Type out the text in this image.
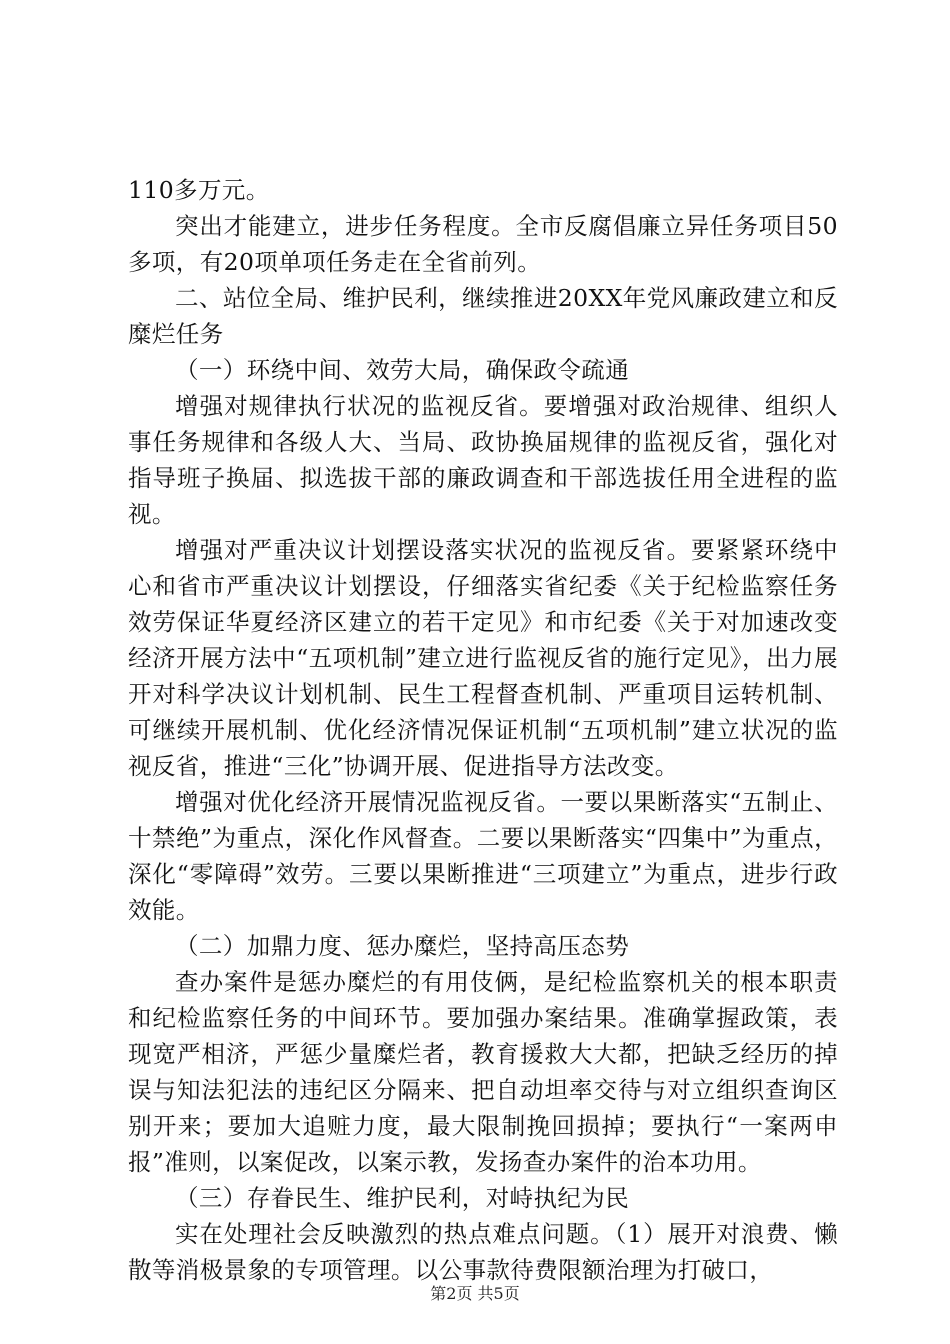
110多万元。

突出才能建立，进步任务程度。全市反腐倡廉立异任务项目50多项，有20项单项任务走在全省前列。

二、站位全局、维护民利，继续推进20XX年党风廉政建立和反糜烂任务

（一）环绕中间、效劳大局，确保政令疏通

增强对规律执行状况的监视反省。要增强对政治规律、组织人事任务规律和各级人大、当局、政协换届规律的监视反省，强化对指导班子换届、拟选拔干部的廉政调查和干部选拔任用全进程的监视。

增强对严重决议计划摆设落实状况的监视反省。要紧紧环绕中心和省市严重决议计划摆设，仔细落实省纪委《关于纪检监察任务效劳保证华夏经济区建立的若干定见》和市纪委《关于对加速改变经济开展方法中“五项机制”建立进行监视反省的施行定见》，出力展开对科学决议计划机制、民生工程督查机制、严重项目运转机制、可继续开展机制、优化经济情况保证机制“五项机制”建立状况的监视反省，推进“三化”协调开展、促进指导方法改变。

增强对优化经济开展情况监视反省。一要以果断落实“五制止、十禁绝”为重点，深化作风督查。二要以果断落实“四集中”为重点，深化“零障碍”效劳。三要以果断推进“三项建立”为重点，进步行政效能。

（二）加鼎力度、惩办糜烂，坚持高压态势

查办案件是惩办糜烂的有用伎俩，是纪检监察机关的根本职责和纪检监察任务的中间环节。要加强办案结果。准确掌握政策，表现宽严相济，严惩少量糜烂者，教育援救大大都，把缺乏经历的掉误与知法犯法的违纪区分隔来、把自动坦率交待与对立组织查询区别开来；要加大追赃力度，最大限制挽回损掉；要执行“一案两申报”准则，以案促改，以案示教，发扬查办案件的治本功用。

（三）存眷民生、维护民利，对峙执纪为民

实在处理社会反映激烈的热点难点问题。（1）展开对浪费、懒散等消极景象的专项管理。以公事款待费限额治理为打破口，

第2页 共5页
